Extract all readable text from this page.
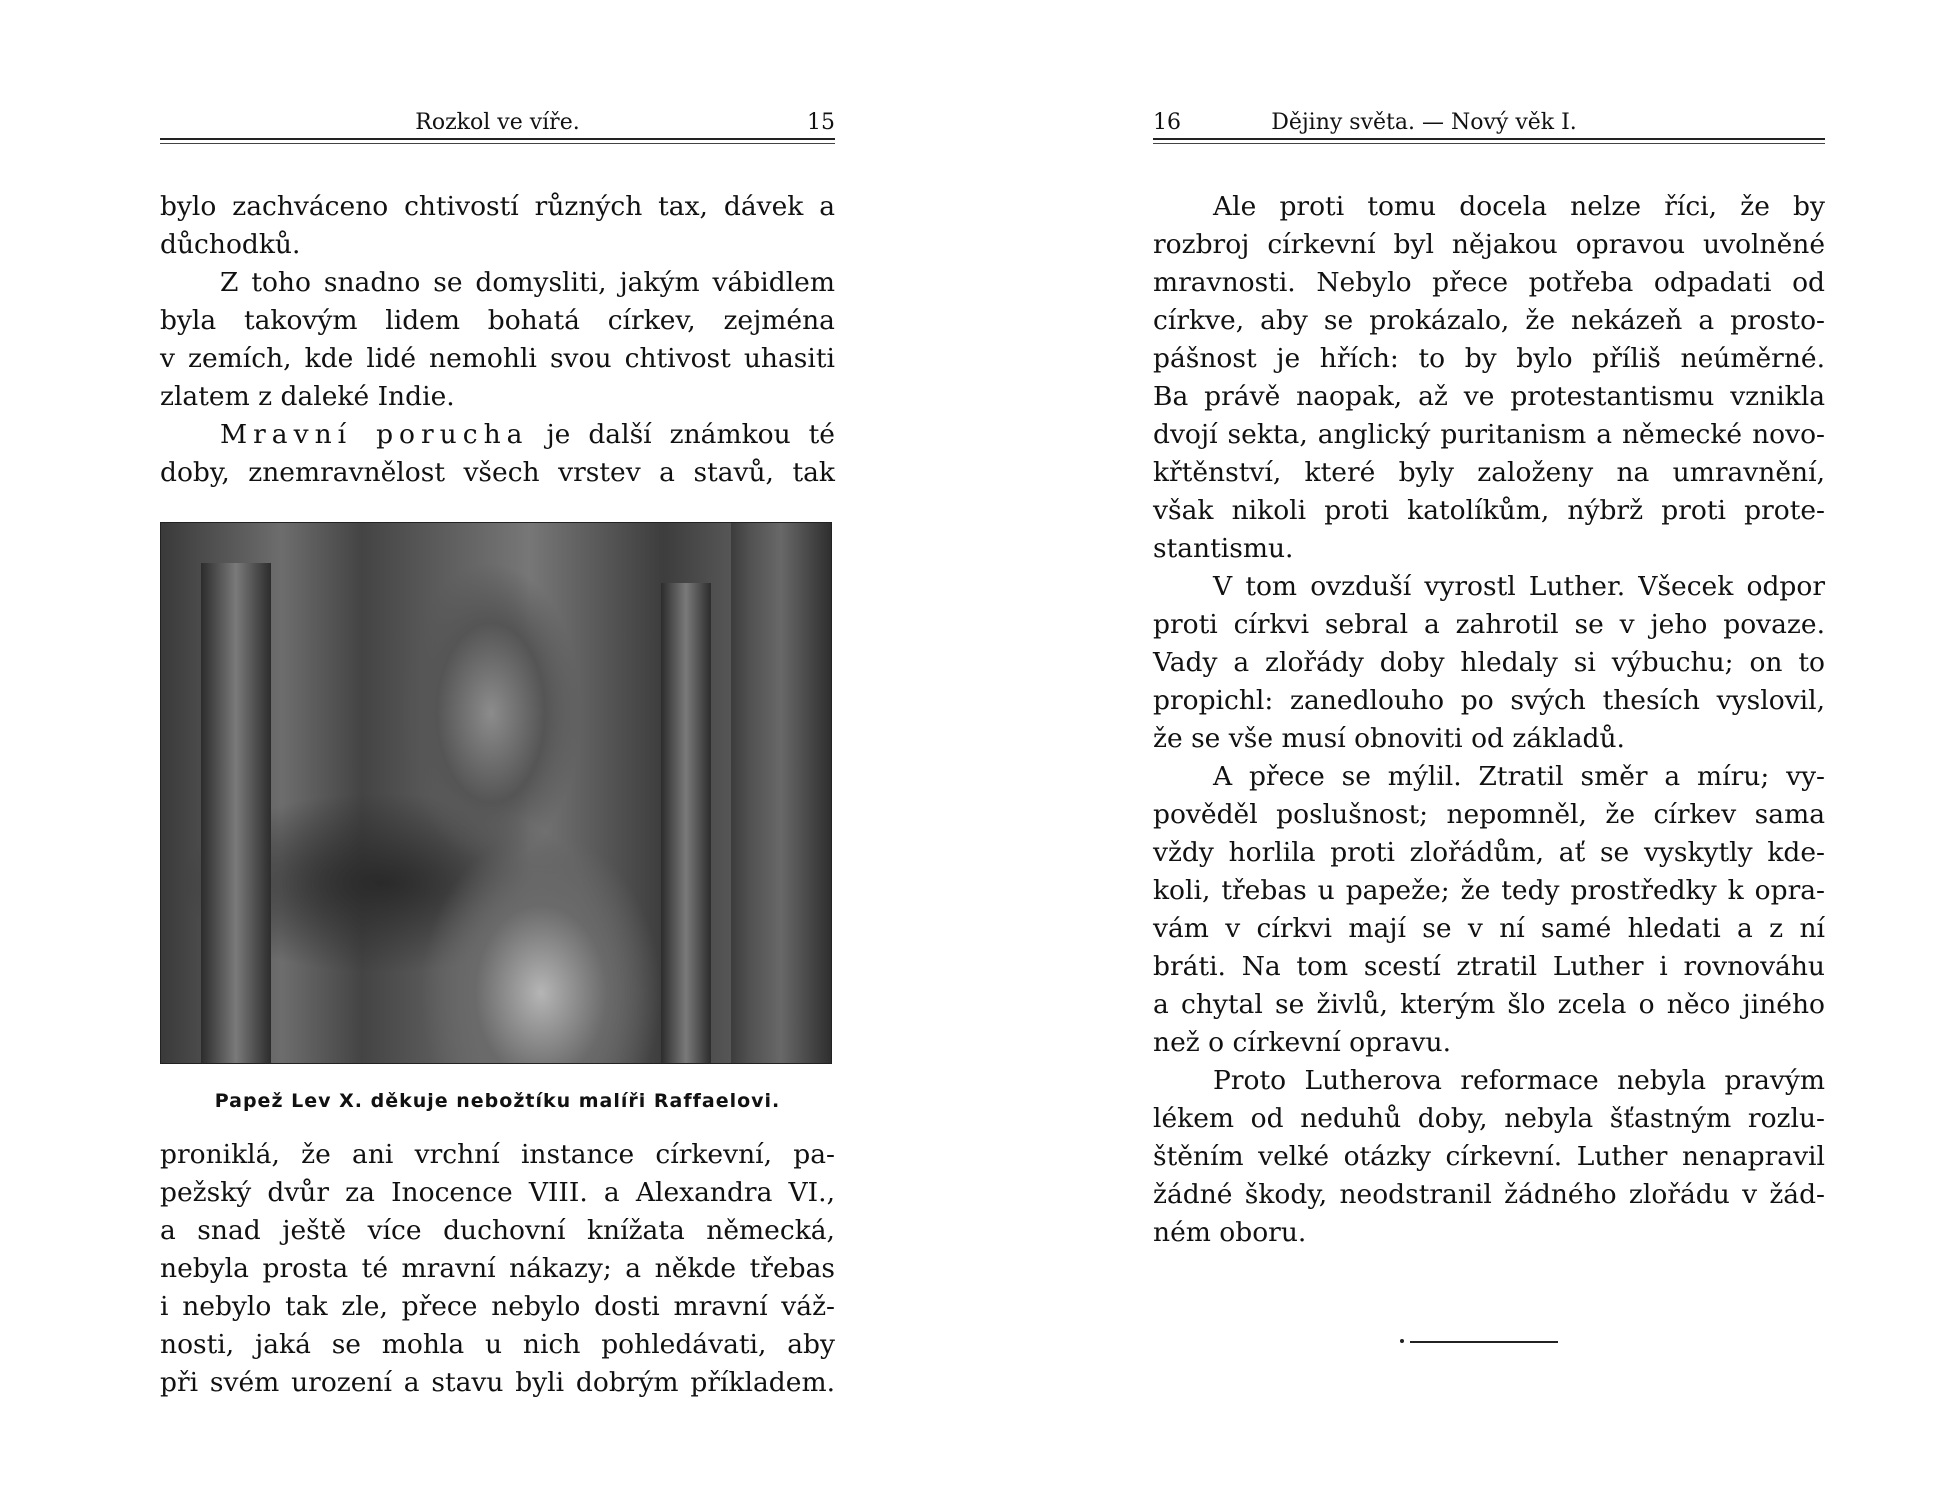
Rozkol ve víře.	15
bylo zachváceno chtivostí různých tax, dávek a
důchodků.
Z toho snadno se domysliti, jakým vábidlem
byla takovým lidem bohatá církev, zejména
v zemích, kde lidé nemohli svou chtivost uhasiti
zlatem z daleké Indie.
Mravní porucha je další známkou té
doby, znemravnělost všech vrstev a stavů, tak
Papež Lev X. děkuje nebožtíku malíři Raffaelovi.
proniklá, že ani vrchní instance církevní, pa-
pežský dvůr za Inocence VIII. a Alexandra VI.,
a snad ještě více duchovní knížata německá,
nebyla prosta té mravní nákazy; a někde třebas
i nebylo tak zle, přece nebylo dosti mravní váž-
nosti, jaká se mohla u nich pohledávati, aby
při svém urození a stavu byli dobrým příkladem.
16	Dějiny světa. — Nový věk I.
Ale proti tomu docela nelze říci, že by
rozbroj církevní byl nějakou opravou uvolněné
mravnosti. Nebylo přece potřeba odpadati od
církve, aby se prokázalo, že nekázeň a prosto-
pášnost je hřích: to by bylo příliš neúměrné.
Ba právě naopak, až ve protestantismu vznikla
dvojí sekta, anglický puritanism a německé novo-
křtěnství, které byly založeny na umravnění,
však nikoli proti katolíkům, nýbrž proti prote-
stantismu.
V tom ovzduší vyrostl Luther. Všecek odpor
proti církvi sebral a zahrotil se v jeho povaze.
Vady a zlořády doby hledaly si výbuchu; on to
propichl: zanedlouho po svých thesích vyslovil,
že se vše musí obnoviti od základů.
A přece se mýlil. Ztratil směr a míru; vy-
pověděl poslušnost; nepomněl, že církev sama
vždy horlila proti zlořádům, ať se vyskytly kde-
koli, třebas u papeže; že tedy prostředky k opra-
vám v církvi mají se v ní samé hledati a z ní
bráti. Na tom scestí ztratil Luther i rovnováhu
a chytal se živlů, kterým šlo zcela o něco jiného
než o církevní opravu.
Proto Lutherova reformace nebyla pravým
lékem od neduhů doby, nebyla šťastným rozlu-
štěním velké otázky církevní. Luther nenapravil
žádné škody, neodstranil žádného zlořádu v žád-
ném oboru.
